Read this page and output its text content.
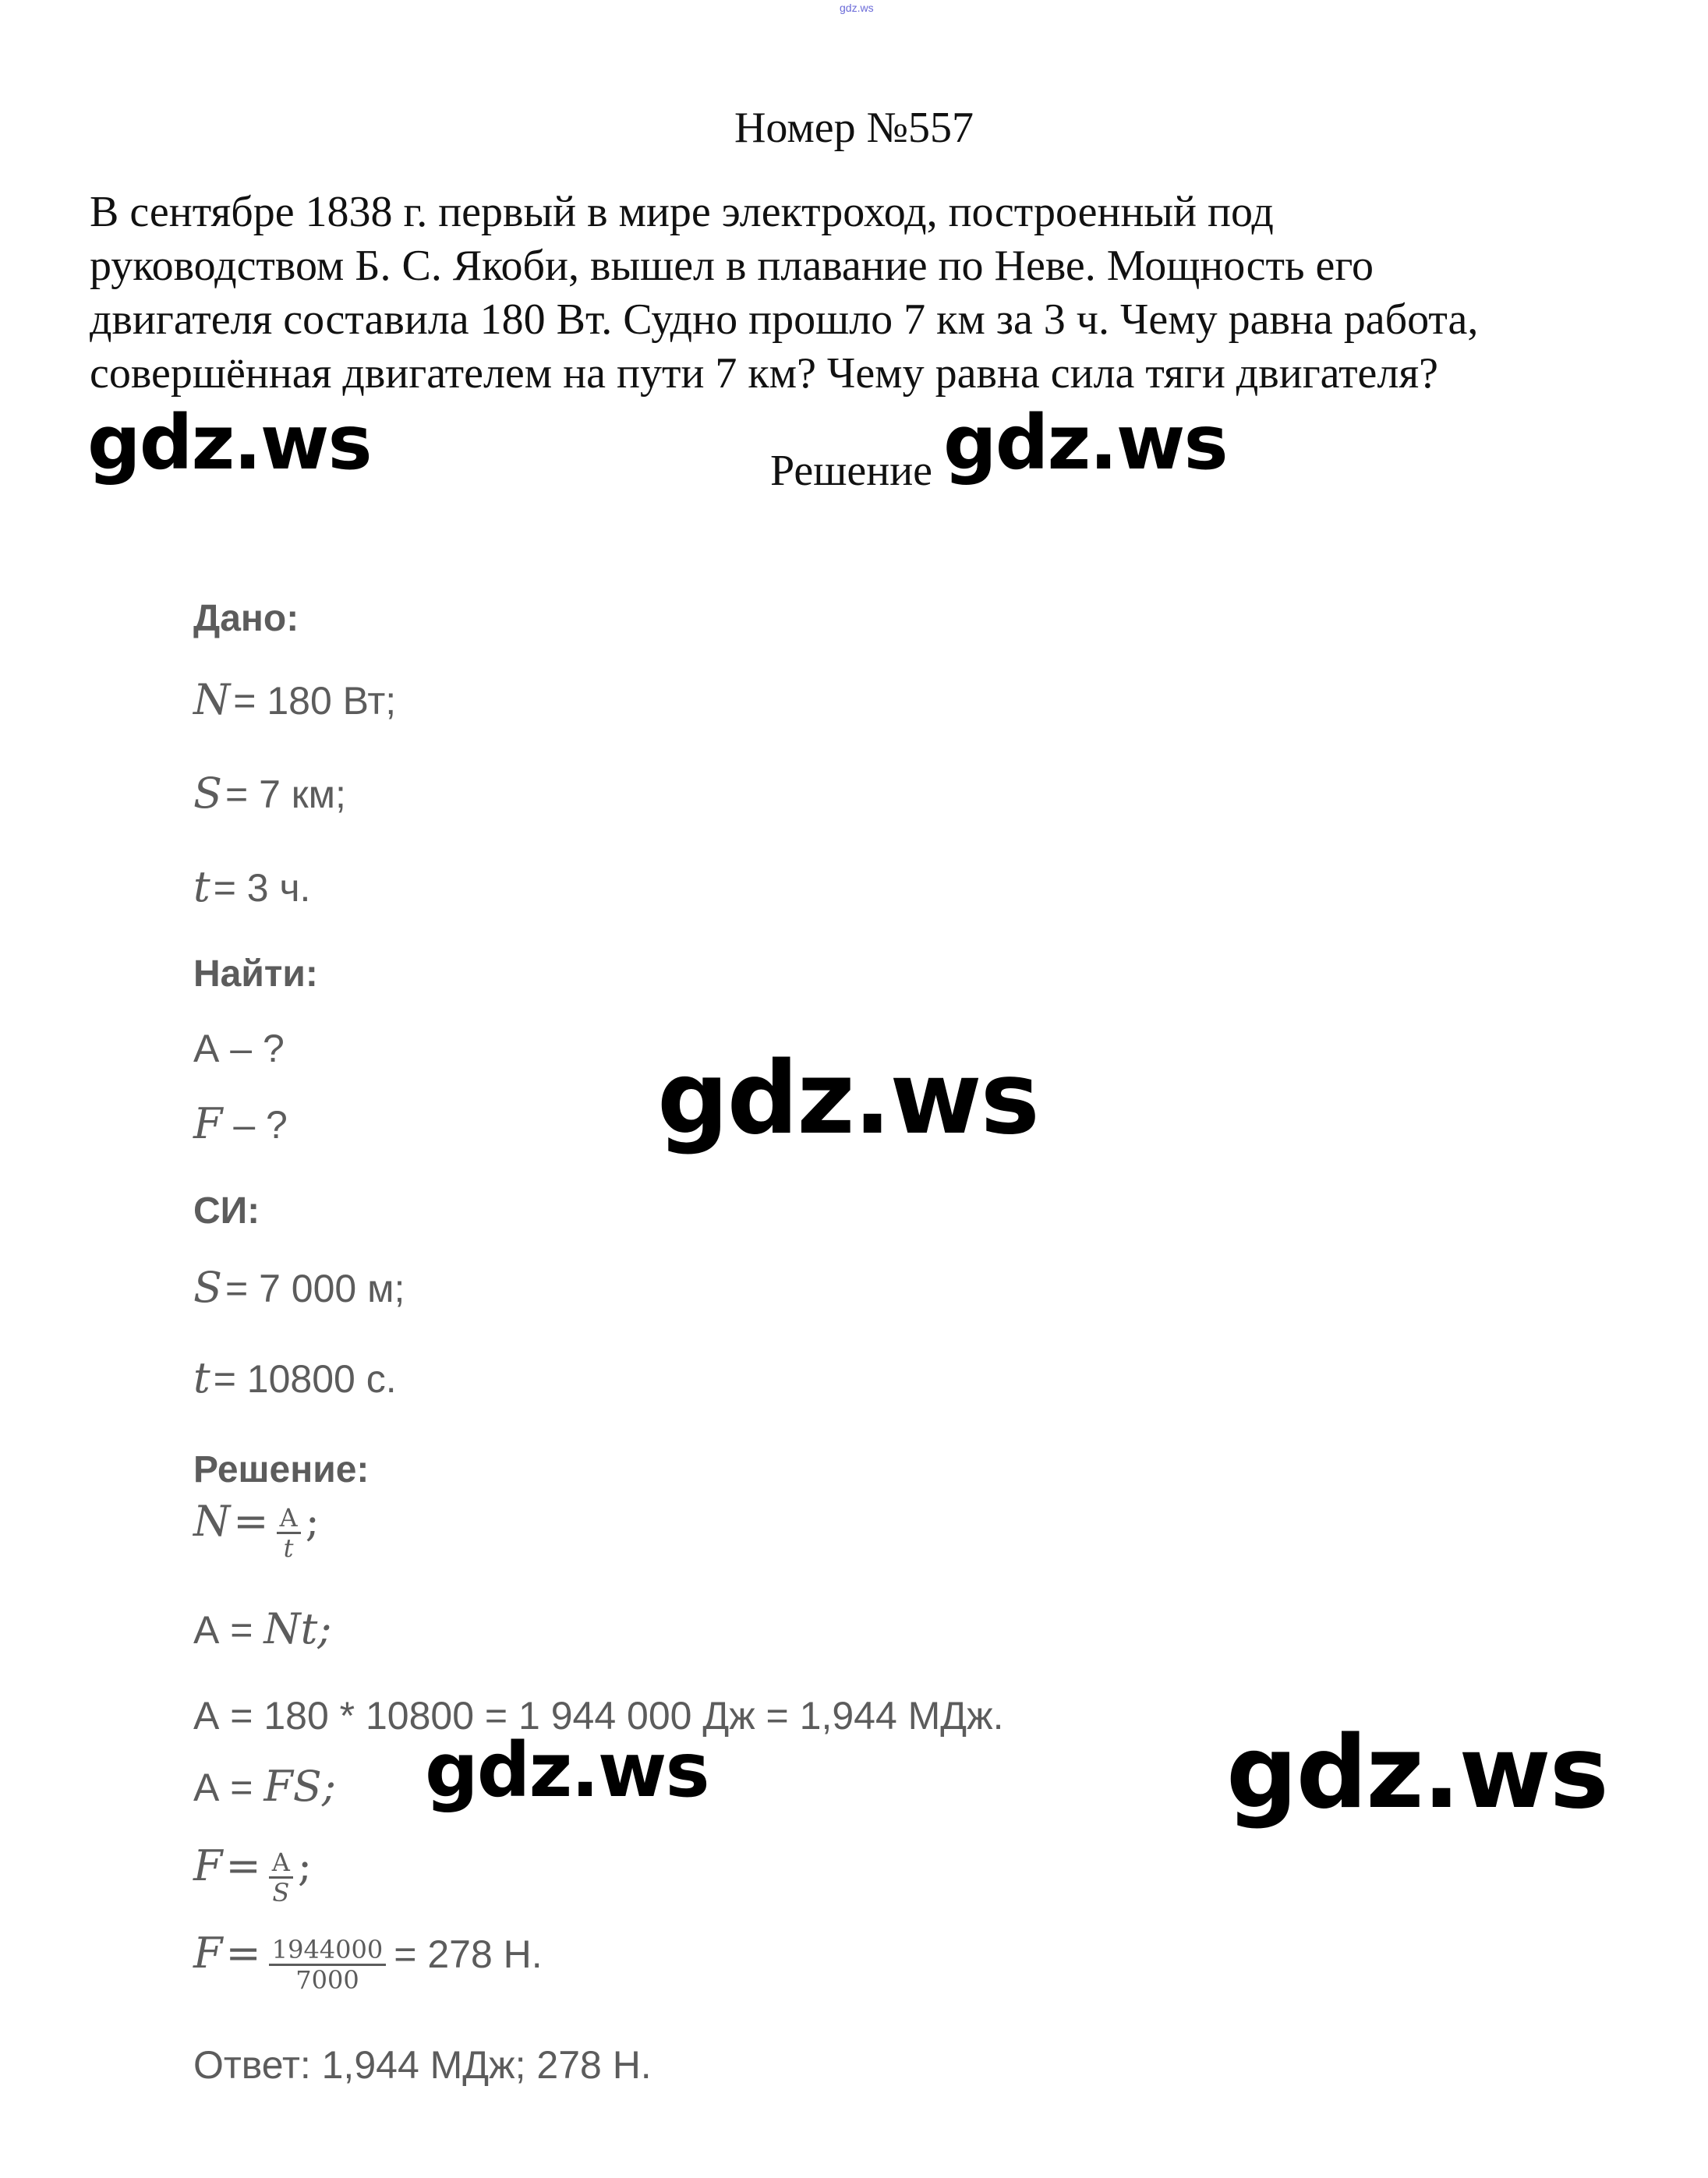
gdz.ws
Номер №557
В сентябре 1838 г. первый в мире электроход, построенный под
руководством Б. С. Якоби, вышел в плавание по Неве. Мощность его
двигателя составила 180 Вт. Судно прошло 7 км за 3 ч. Чему равна работа,
совершённая двигателем на пути 7 км? Чему равна сила тяги двигателя?
Решение
Дано:
N = 180 Вт;
S = 7 км;
t = 3 ч.
Найти:
А – ?
F – ?
СИ:
S = 7 000 м;
t = 10800 с.
Решение:
$N = \frac{A}{t}$ ;
А = Nt;
А = 180 * 10800 = 1 944 000 Дж = 1,944 МДж.
А = FS;
$F = \frac{A}{S}$ ;
$F = \frac{1944000}{7000} = 278$ Н.
Ответ: 1,944 МДж; 278 Н.
gdz.ws	gdz.ws
gdz.ws
gdz.ws	gdz.ws
